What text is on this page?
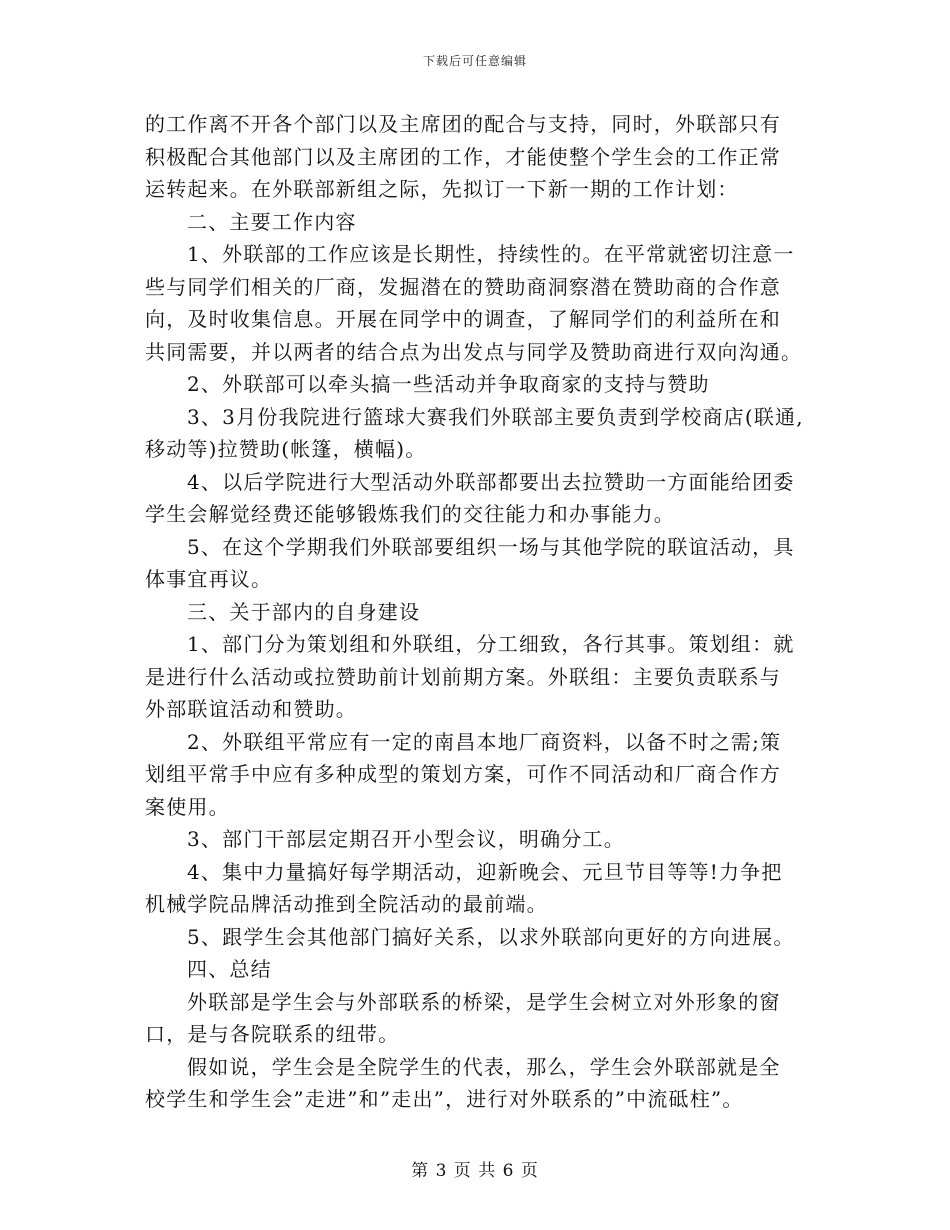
下载后可任意编辑
的工作离不开各个部门以及主席团的配合与支持，同时，外联部只有
积极配合其他部门以及主席团的工作，才能使整个学生会的工作正常
运转起来。在外联部新组之际，先拟订一下新一期的工作计划：
二、主要工作内容
1、外联部的工作应该是长期性，持续性的。在平常就密切注意一
些与同学们相关的厂商，发掘潜在的赞助商洞察潜在赞助商的合作意
向，及时收集信息。开展在同学中的调查，了解同学们的利益所在和
共同需要，并以两者的结合点为出发点与同学及赞助商进行双向沟通。
2、外联部可以牵头搞一些活动并争取商家的支持与赞助
3、3月份我院进行篮球大赛我们外联部主要负责到学校商店(联通,
移动等)拉赞助(帐篷，横幅)。
4、以后学院进行大型活动外联部都要出去拉赞助一方面能给团委
学生会解觉经费还能够锻炼我们的交往能力和办事能力。
5、在这个学期我们外联部要组织一场与其他学院的联谊活动，具
体事宜再议。
三、关于部内的自身建设
1、部门分为策划组和外联组，分工细致，各行其事。策划组：就
是进行什么活动或拉赞助前计划前期方案。外联组：主要负责联系与
外部联谊活动和赞助。
2、外联组平常应有一定的南昌本地厂商资料，以备不时之需;策
划组平常手中应有多种成型的策划方案，可作不同活动和厂商合作方
案使用。
3、部门干部层定期召开小型会议，明确分工。
4、集中力量搞好每学期活动，迎新晚会、元旦节目等等!力争把
机械学院品牌活动推到全院活动的最前端。
5、跟学生会其他部门搞好关系，以求外联部向更好的方向进展。
四、总结
外联部是学生会与外部联系的桥梁，是学生会树立对外形象的窗
口，是与各院联系的纽带。
假如说，学生会是全院学生的代表，那么，学生会外联部就是全
校学生和学生会”走进”和”走出”，进行对外联系的”中流砥柱”。
第 3 页 共 6 页
